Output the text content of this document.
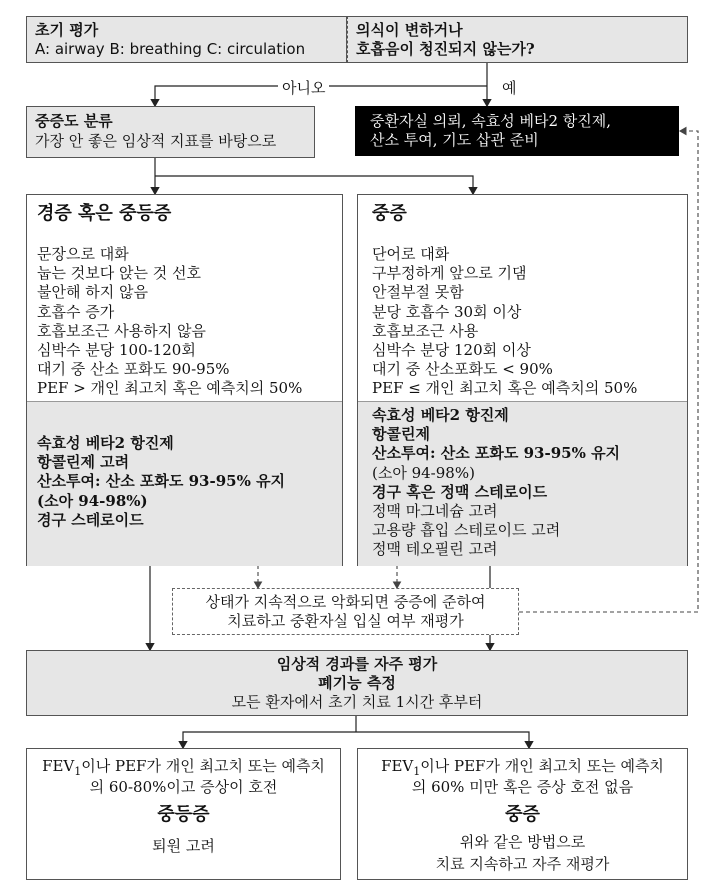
초기 평가
A: airway B: breathing C: circulation
의식이 변하거나
호흡음이 청진되지 않는가?
아니오	예
중증도 분류
가장 안 좋은 임상적 지표를 바탕으로
중환자실 의뢰, 속효성 베타2 항진제,
산소 투여, 기도 삽관 준비
경증 혹은 중등증
문장으로 대화
눕는 것보다 앉는 것 선호
불안해 하지 않음
호흡수 증가
호흡보조근 사용하지 않음
심박수 분당 100-120회
대기 중 산소 포화도 90-95%
PEF > 개인 최고치 혹은 예측치의 50%
속효성 베타2 항진제
항콜린제 고려
산소투여: 산소 포화도 93-95% 유지
(소아 94-98%)
경구 스테로이드
중증
단어로 대화
구부정하게 앞으로 기댐
안절부절 못함
분당 호흡수 30회 이상
호흡보조근 사용
심박수 분당 120회 이상
대기 중 산소포화도 < 90%
PEF ≤ 개인 최고치 혹은 예측치의 50%
속효성 베타2 항진제
항콜린제
산소투여: 산소 포화도 93-95% 유지
(소아 94-98%)
경구 혹은 정맥 스테로이드
정맥 마그네슘 고려
고용량 흡입 스테로이드 고려
정맥 테오필린 고려
상태가 지속적으로 악화되면 중증에 준하여
치료하고 중환자실 입실 여부 재평가
임상적 경과를 자주 평가
폐기능 측정
모든 환자에서 초기 치료 1시간 후부터
$FEV_1$이나 PEF가 개인 최고치 또는 예측치
의 60-80%이고 증상이 호전
중등증
퇴원 고려
$FEV_1$이나 PEF가 개인 최고치 또는 예측치
의 60% 미만 혹은 증상 호전 없음
중증
위와 같은 방법으로
치료 지속하고 자주 재평가
